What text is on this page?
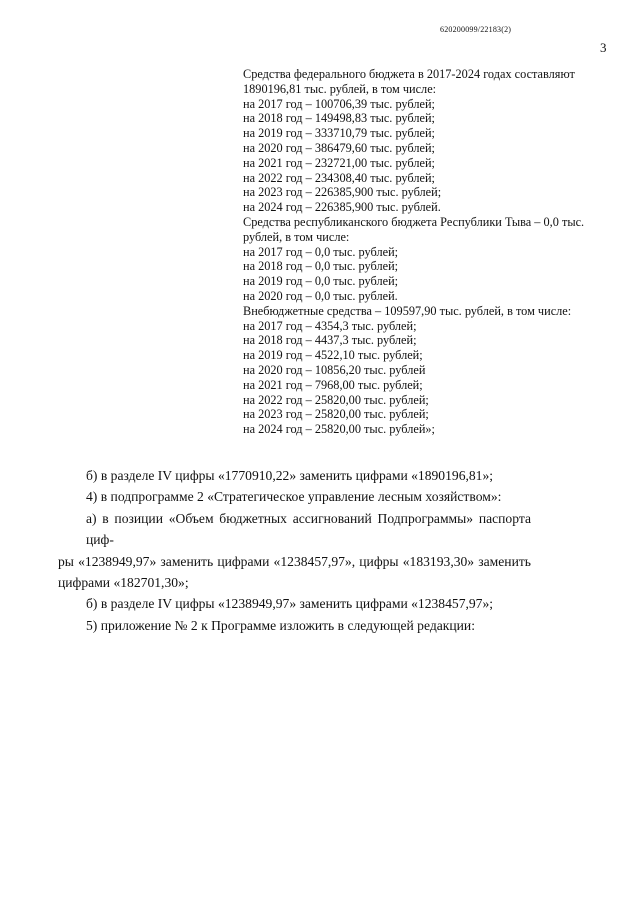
620200099/22183(2)
3
Средства федерального бюджета в 2017-2024 годах составляют
1890196,81 тыс. рублей, в том числе:
на 2017 год – 100706,39 тыс. рублей;
на 2018 год – 149498,83 тыс. рублей;
на 2019 год – 333710,79 тыс. рублей;
на 2020 год – 386479,60 тыс. рублей;
на 2021 год – 232721,00 тыс. рублей;
на 2022 год – 234308,40 тыс. рублей;
на 2023 год – 226385,900 тыс. рублей;
на 2024 год – 226385,900 тыс. рублей.
Средства республиканского бюджета Республики Тыва – 0,0 тыс.
рублей, в том числе:
на 2017 год – 0,0 тыс. рублей;
на 2018 год – 0,0 тыс. рублей;
на 2019 год – 0,0 тыс. рублей;
на 2020 год – 0,0 тыс. рублей.
Внебюджетные средства – 109597,90 тыс. рублей, в том числе:
на 2017 год – 4354,3 тыс. рублей;
на 2018 год – 4437,3 тыс. рублей;
на 2019 год – 4522,10 тыс. рублей;
на 2020 год – 10856,20 тыс. рублей
на 2021 год – 7968,00 тыс. рублей;
на 2022 год – 25820,00 тыс. рублей;
на 2023 год – 25820,00 тыс. рублей;
на 2024 год – 25820,00 тыс. рублей»;
б) в разделе IV цифры «1770910,22» заменить цифрами «1890196,81»;
4) в подпрограмме 2 «Стратегическое управление лесным хозяйством»:
а) в позиции «Объем бюджетных ассигнований Подпрограммы» паспорта циф-
ры «1238949,97» заменить цифрами «1238457,97», цифры «183193,30» заменить
цифрами «182701,30»;
б) в разделе IV цифры «1238949,97» заменить цифрами «1238457,97»;
5) приложение № 2 к Программе изложить в следующей редакции:
